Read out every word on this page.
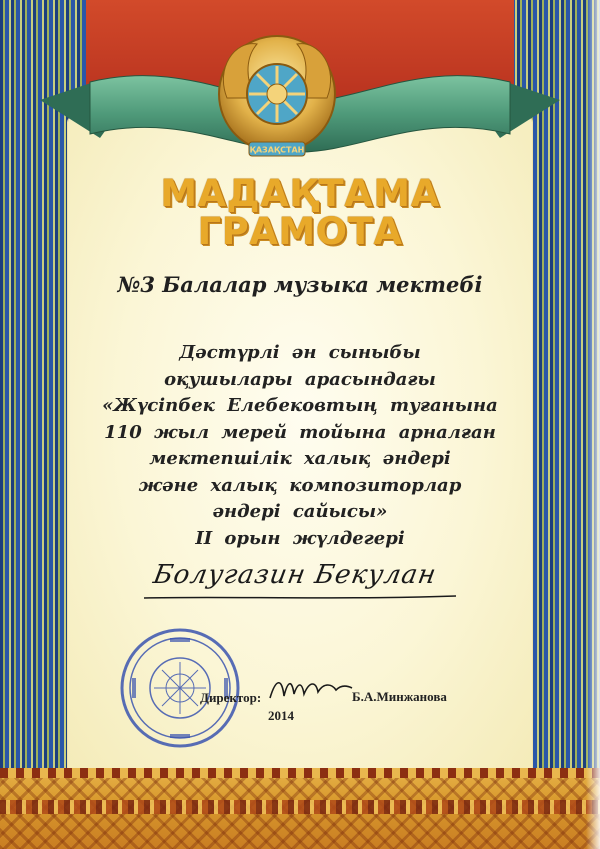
ҚАЗАҚСТАН
МАДАҚТАМА
ГРАМОТА
№3 Балалар музыка мектебі
Дәстүрлі ән сыныбы
оқушылары арасындағы
«Жүсіпбек Елебековтың туғанына
110 жыл мерей тойына арналған
мектепшілік халық әндері
және халық композиторлар
әндері сайысы»
II орын жүлдегері
Болугазин Бекулан
Директор:	Б.А.Минжанова
2014
